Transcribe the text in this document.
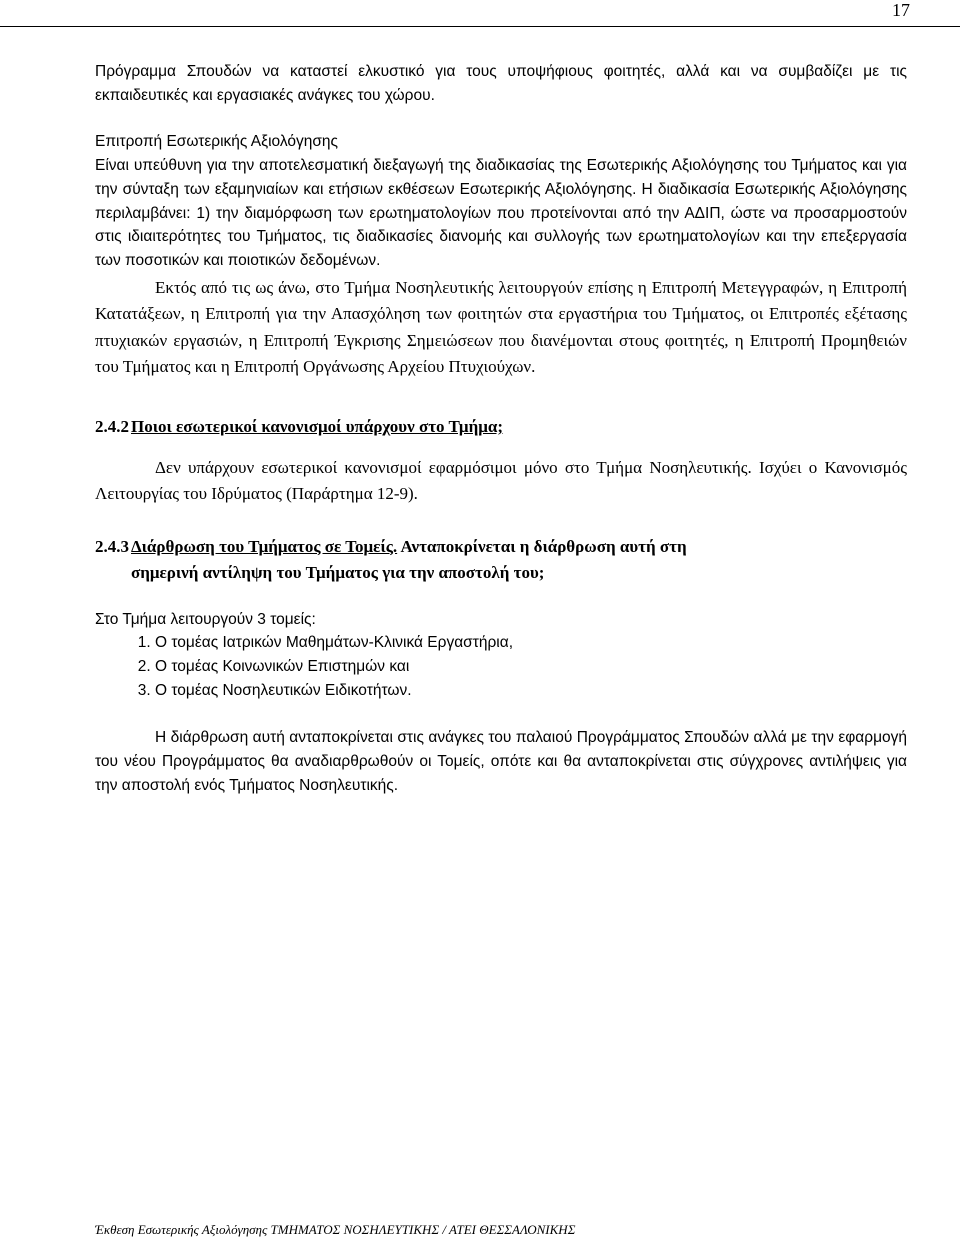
17

Πρόγραμμα Σπουδών να καταστεί ελκυστικό για τους υποψήφιους φοιτητές, αλλά και να συμβαδίζει με τις εκπαιδευτικές και εργασιακές ανάγκες του χώρου.

Επιτροπή Εσωτερικής Αξιολόγησης

Είναι υπεύθυνη για την αποτελεσματική διεξαγωγή της διαδικασίας της Εσωτερικής Αξιολόγησης του Τμήματος και για την σύνταξη των εξαμηνιαίων και ετήσιων εκθέσεων Εσωτερικής Αξιολόγησης. Η διαδικασία Εσωτερικής Αξιολόγησης περιλαμβάνει: 1) την διαμόρφωση των ερωτηματολογίων που προτείνονται από την ΑΔΙΠ, ώστε να προσαρμοστούν στις ιδιαιτερότητες του Τμήματος, τις διαδικασίες διανομής και συλλογής των ερωτηματολογίων και την επεξεργασία των ποσοτικών και ποιοτικών δεδομένων.

Εκτός από τις ως άνω, στο Τμήμα Νοσηλευτικής λειτουργούν επίσης η Επιτροπή Μετεγγραφών, η Επιτροπή Κατατάξεων, η Επιτροπή για την Απασχόληση των φοιτητών στα εργαστήρια του Τμήματος, οι Επιτροπές εξέτασης πτυχιακών εργασιών, η Επιτροπή Έγκρισης Σημειώσεων που διανέμονται στους φοιτητές, η Επιτροπή Προμηθειών του Τμήματος και η Επιτροπή Οργάνωσης Αρχείου Πτυχιούχων.

2.4.2 Ποιοι εσωτερικοί κανονισμοί υπάρχουν στο Τμήμα;

Δεν υπάρχουν εσωτερικοί κανονισμοί εφαρμόσιμοι μόνο στο Τμήμα Νοσηλευτικής. Ισχύει ο Κανονισμός Λειτουργίας του Ιδρύματος (Παράρτημα 12-9).

2.4.3 Διάρθρωση του Τμήματος σε Τομείς. Ανταποκρίνεται η διάρθρωση αυτή στη
σημερινή αντίληψη του Τμήματος για την αποστολή του;

Στο Τμήμα λειτουργούν 3 τομείς:

1. Ο τομέας Ιατρικών Μαθημάτων-Κλινικά Εργαστήρια,
2. Ο τομέας Κοινωνικών Επιστημών και
3. Ο τομέας Νοσηλευτικών Ειδικοτήτων.

Η διάρθρωση αυτή ανταποκρίνεται στις ανάγκες του παλαιού Προγράμματος Σπουδών αλλά με την εφαρμογή του νέου Προγράμματος θα αναδιαρθρωθούν οι Τομείς, οπότε και θα ανταποκρίνεται στις σύγχρονες αντιλήψεις για την αποστολή ενός Τμήματος Νοσηλευτικής.

Έκθεση Εσωτερικής Αξιολόγησης ΤΜΗΜΑΤΟΣ ΝΟΣΗΛΕΥΤΙΚΗΣ / ΑΤΕΙ ΘΕΣΣΑΛΟΝΙΚΗΣ
